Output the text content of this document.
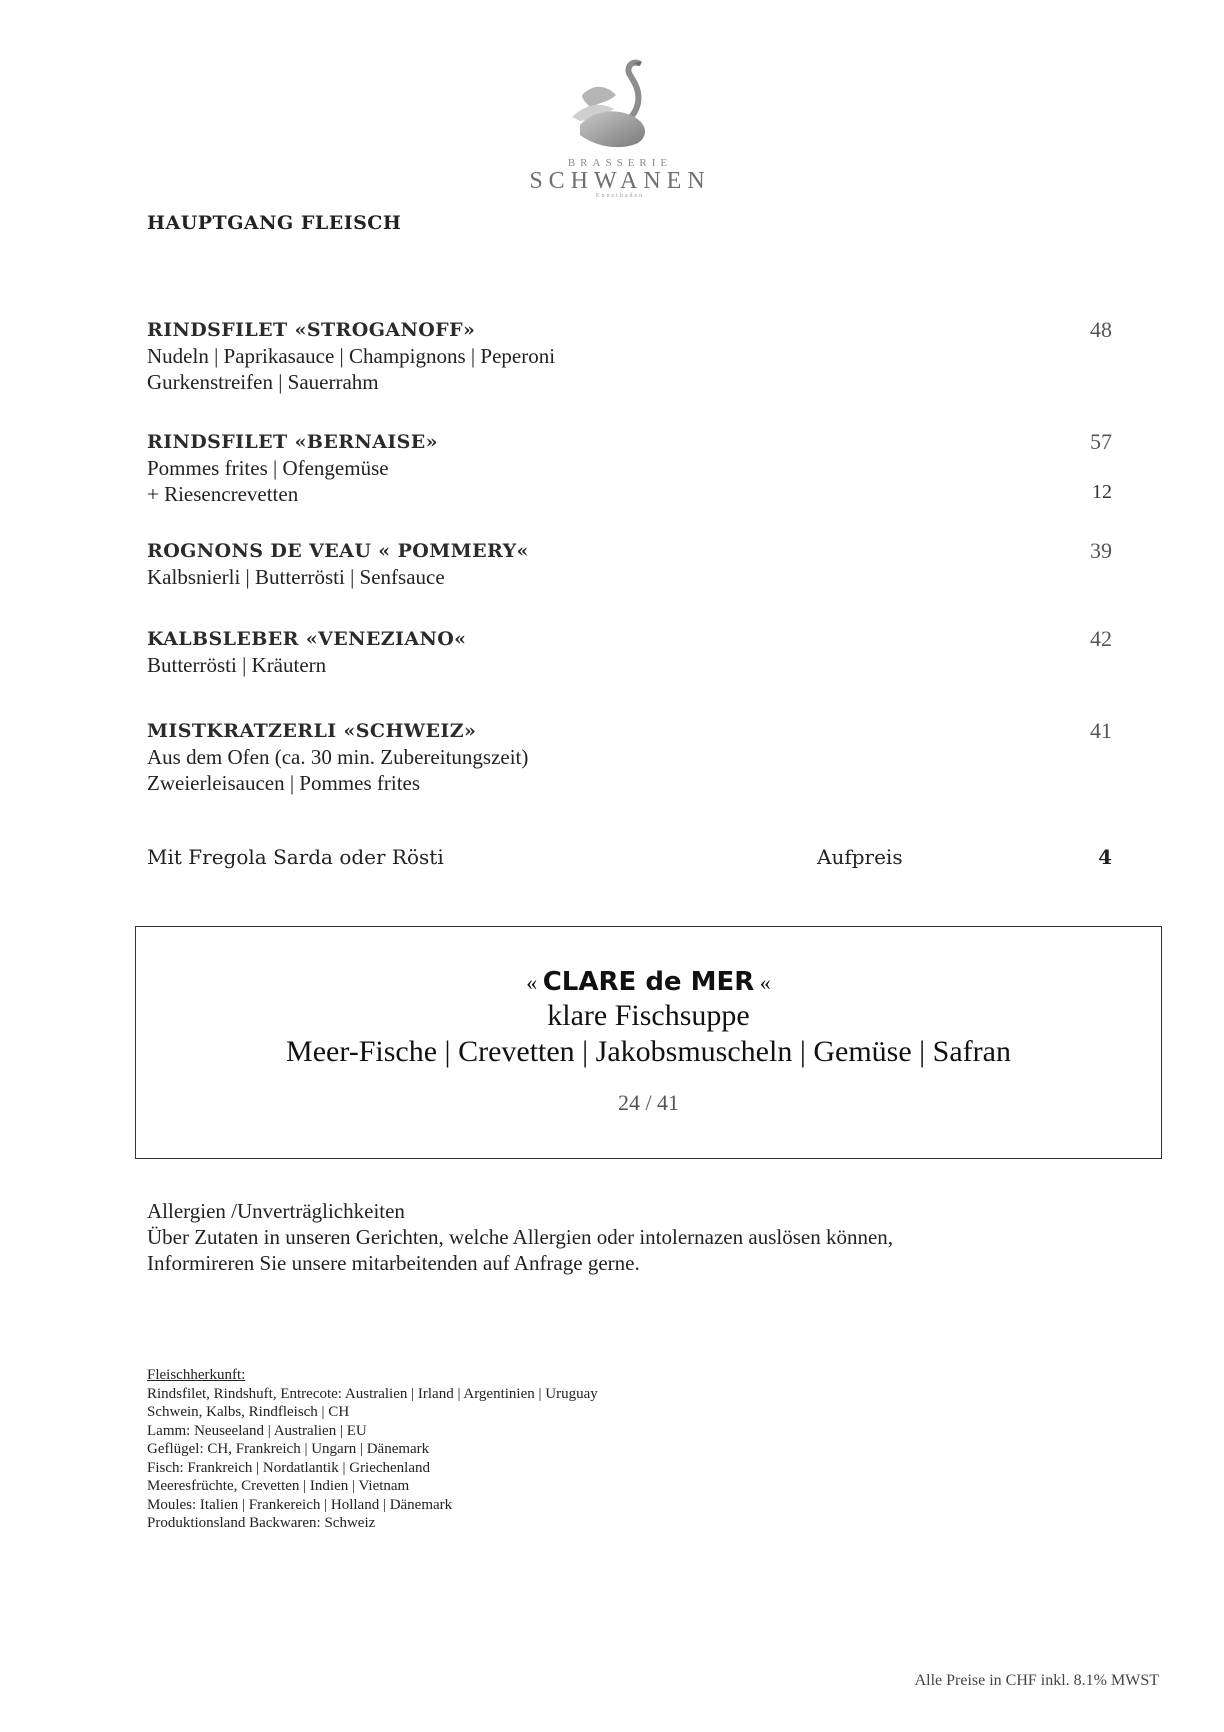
BRASSERIE
SCHWANEN
Ennetbaden
HAUPTGANG FLEISCH
RINDSFILET «STROGANOFF»	48
Nudeln | Paprikasauce | Champignons | Peperoni
Gurkenstreifen | Sauerrahm
RINDSFILET «BERNAISE»	57
Pommes frites | Ofengemüse
+ Riesencrevetten	12
ROGNONS DE VEAU « POMMERY«	39
Kalbsnierli | Butterrösti | Senfsauce
KALBSLEBER «VENEZIANO«	42
Butterrösti | Kräutern
MISTKRATZERLI «SCHWEIZ»	41
Aus dem Ofen (ca. 30 min. Zubereitungszeit)
Zweierleisaucen | Pommes frites
Mit Fregola Sarda oder Rösti	Aufpreis	4
« CLARE de MER «
klare Fischsuppe
Meer-Fische | Crevetten | Jakobsmuscheln | Gemüse | Safran
24 / 41
Allergien /Unverträglichkeiten
Über Zutaten in unseren Gerichten, welche Allergien oder intolernazen auslösen können,
Informireren Sie unsere mitarbeitenden auf Anfrage gerne.
Fleischherkunft:
Rindsfilet, Rindshuft, Entrecote: Australien | Irland | Argentinien | Uruguay
Schwein, Kalbs, Rindfleisch | CH
Lamm: Neuseeland | Australien | EU
Geflügel: CH, Frankreich | Ungarn | Dänemark
Fisch: Frankreich | Nordatlantik | Griechenland
Meeresfrüchte, Crevetten | Indien | Vietnam
Moules: Italien | Frankereich | Holland | Dänemark
Produktionsland Backwaren: Schweiz
Alle Preise in CHF inkl. 8.1% MWST
